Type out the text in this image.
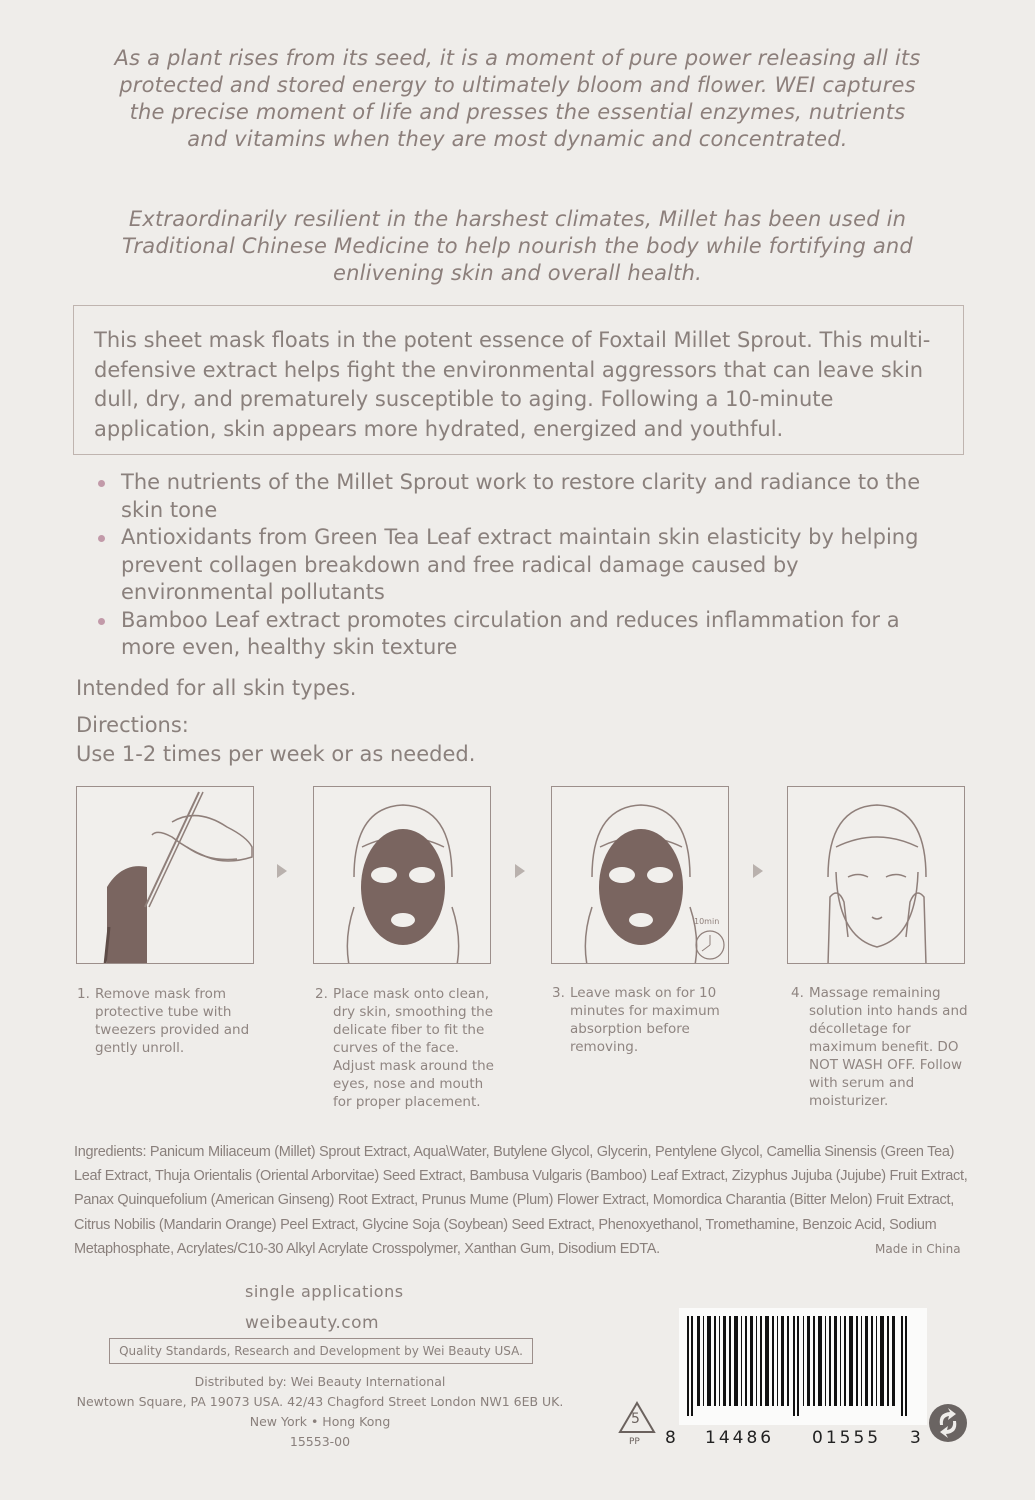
As a plant rises from its seed, it is a moment of pure power releasing all its protected and stored energy to ultimately bloom and flower. WEI captures the precise moment of life and presses the essential enzymes, nutrients and vitamins when they are most dynamic and concentrated.
Extraordinarily resilient in the harshest climates, Millet has been used in Traditional Chinese Medicine to help nourish the body while fortifying and enlivening skin and overall health.
This sheet mask floats in the potent essence of Foxtail Millet Sprout. This multi-defensive extract helps fight the environmental aggressors that can leave skin dull, dry, and prematurely susceptible to aging. Following a 10-minute application, skin appears more hydrated, energized and youthful.
The nutrients of the Millet Sprout work to restore clarity and radiance to the skin tone
Antioxidants from Green Tea Leaf extract maintain skin elasticity by helping prevent collagen breakdown and free radical damage caused by environmental pollutants
Bamboo Leaf extract promotes circulation and reduces inflammation for a more even, healthy skin texture
Intended for all skin types.
Directions:
Use 1-2 times per week or as needed.
10min
1. Remove mask from protective tube with tweezers provided and gently unroll.
2. Place mask onto clean, dry skin, smoothing the delicate fiber to fit the curves of the face. Adjust mask around the eyes, nose and mouth for proper placement.
3. Leave mask on for 10 minutes for maximum absorption before removing.
4. Massage remaining solution into hands and décolletage for maximum benefit. DO NOT WASH OFF. Follow with serum and moisturizer.
Ingredients: Panicum Miliaceum (Millet) Sprout Extract, Aqua\Water, Butylene Glycol, Glycerin, Pentylene Glycol, Camellia Sinensis (Green Tea) Leaf Extract, Thuja Orientalis (Oriental Arborvitae) Seed Extract, Bambusa Vulgaris (Bamboo) Leaf Extract, Zizyphus Jujuba (Jujube) Fruit Extract, Panax Quinquefolium (American Ginseng) Root Extract, Prunus Mume (Plum) Flower Extract, Momordica Charantia (Bitter Melon) Fruit Extract, Citrus Nobilis (Mandarin Orange) Peel Extract, Glycine Soja (Soybean) Seed Extract, Phenoxyethanol, Tromethamine, Benzoic Acid, Sodium Metaphosphate, Acrylates/C10-30 Alkyl Acrylate Crosspolymer, Xanthan Gum, Disodium EDTA.	Made in China
single applications
weibeauty.com
Quality Standards, Research and Development by Wei Beauty USA.
Distributed by: Wei Beauty International
Newtown Square, PA 19073 USA. 42/43 Chagford Street London NW1 6EB UK.
New York • Hong Kong
15553-00
5
PP 8 14486 01555 3
